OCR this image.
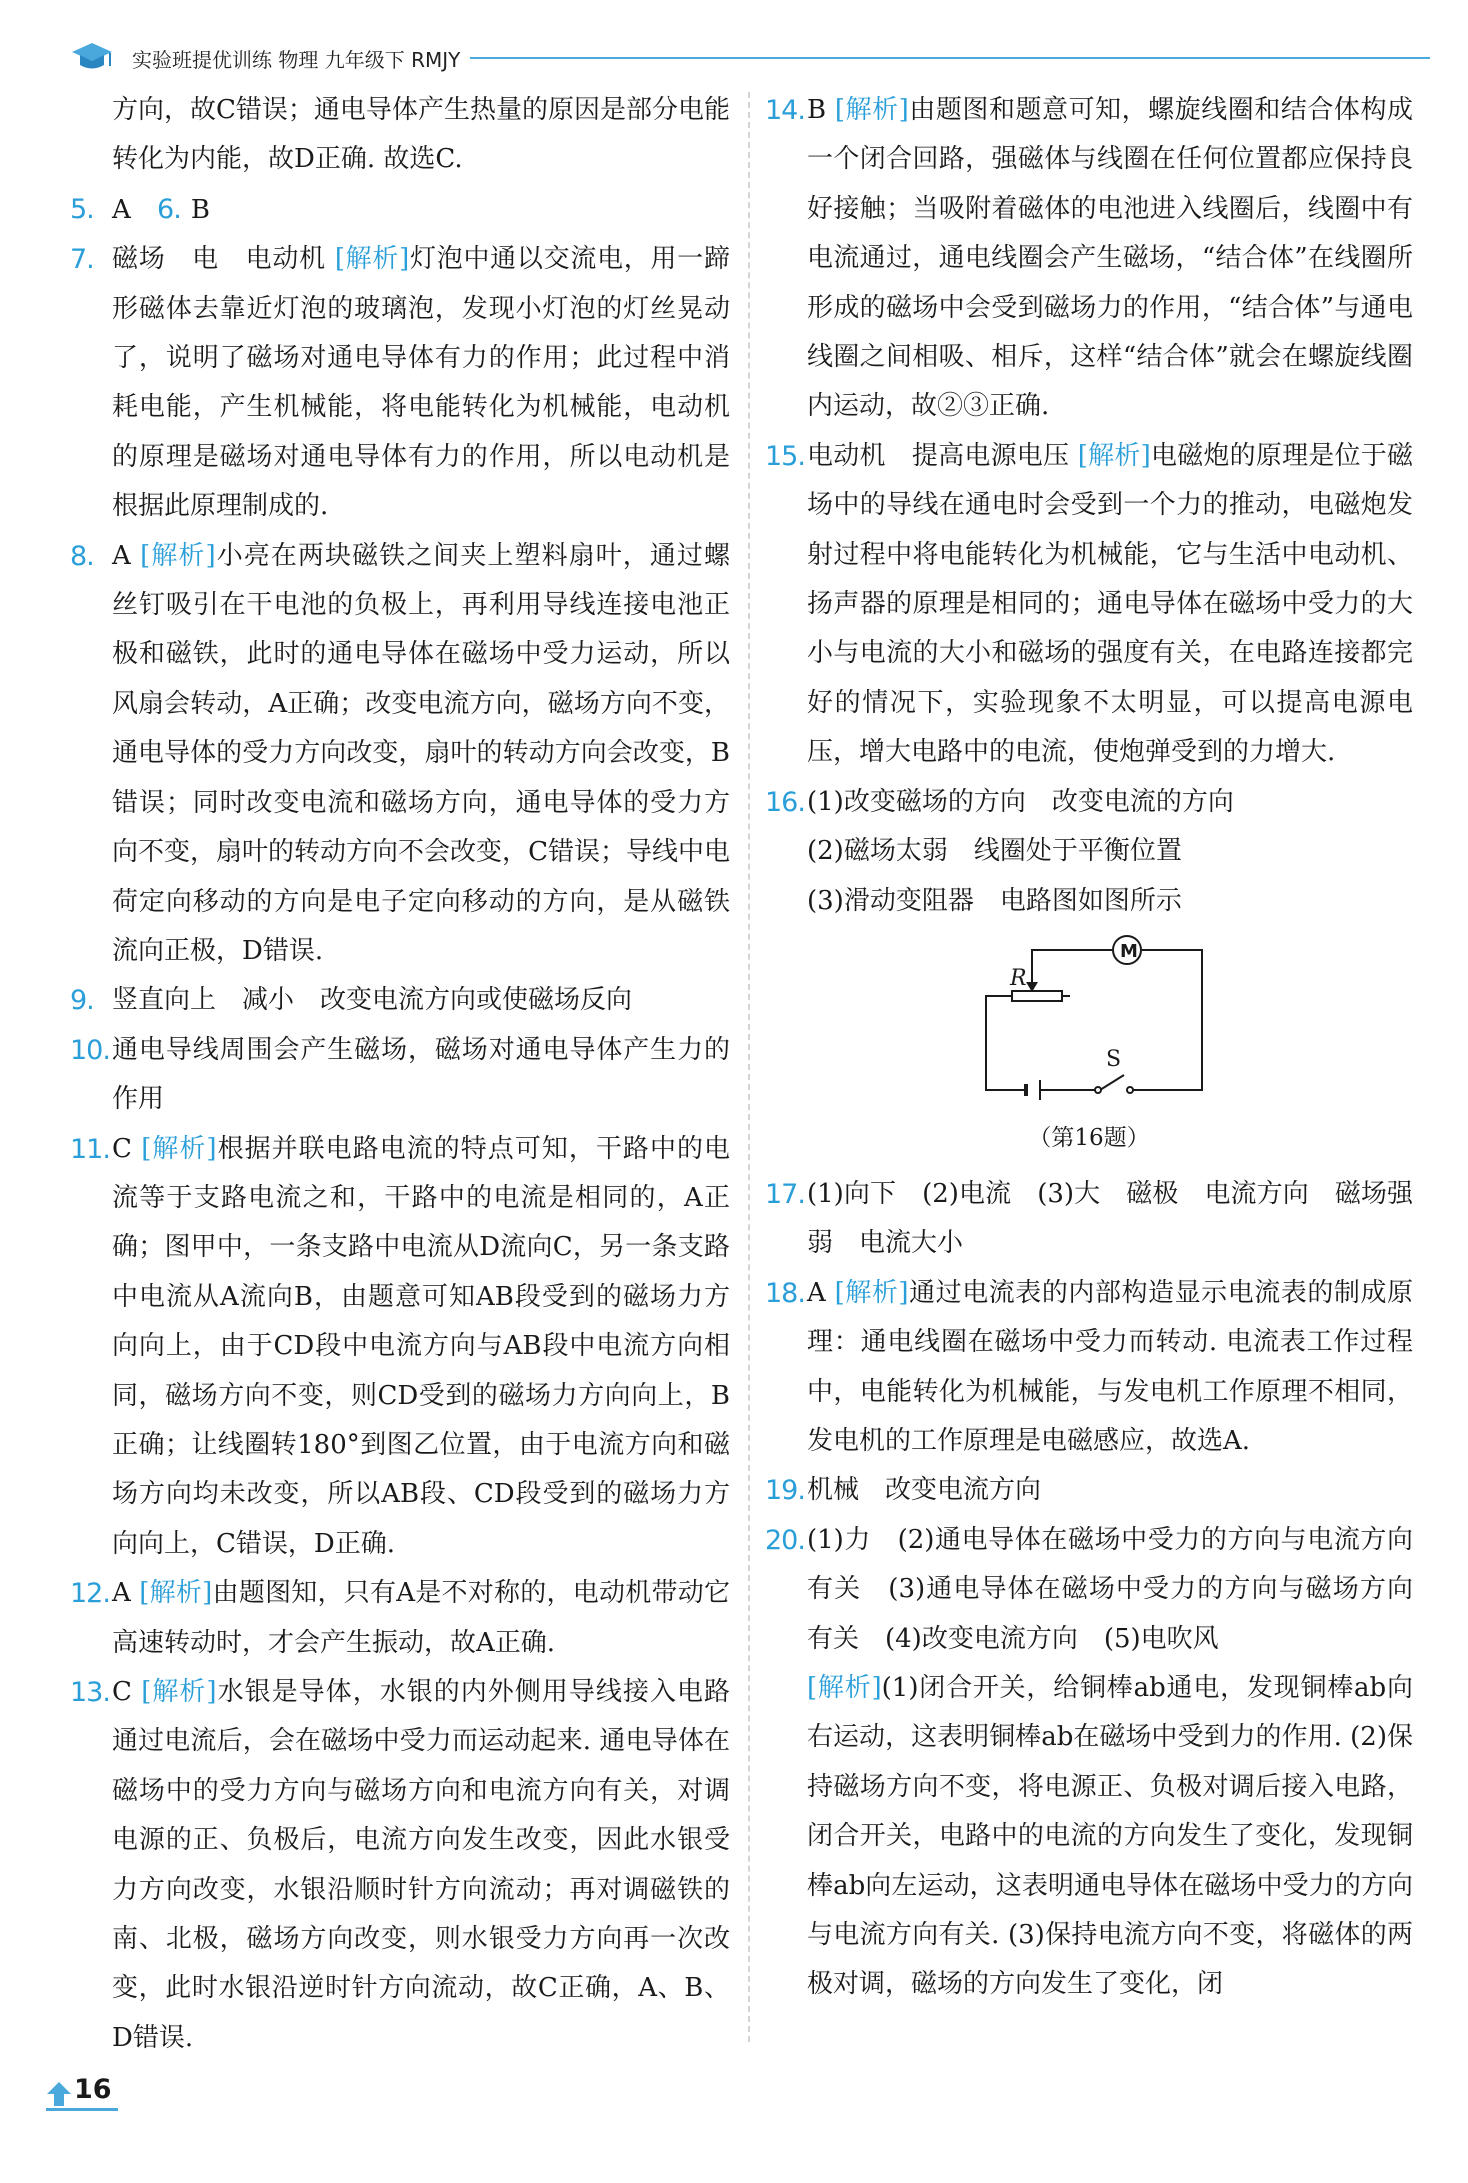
实验班提优训练 物理 九年级下 RMJY
方向，故C错误；通电导体产生热量的原因是部分电能转化为内能，故D正确. 故选C.
5. A 6. B
7. 磁场　电　电动机 [解析]灯泡中通以交流电，用一蹄形磁体去靠近灯泡的玻璃泡，发现小灯泡的灯丝晃动了，说明了磁场对通电导体有力的作用；此过程中消耗电能，产生机械能，将电能转化为机械能，电动机的原理是磁场对通电导体有力的作用，所以电动机是根据此原理制成的.
8. A [解析]小亮在两块磁铁之间夹上塑料扇叶，通过螺丝钉吸引在干电池的负极上，再利用导线连接电池正极和磁铁，此时的通电导体在磁场中受力运动，所以风扇会转动，A正确；改变电流方向，磁场方向不变，通电导体的受力方向改变，扇叶的转动方向会改变，B错误；同时改变电流和磁场方向，通电导体的受力方向不变，扇叶的转动方向不会改变，C错误；导线中电荷定向移动的方向是电子定向移动的方向，是从磁铁流向正极，D错误.
9. 竖直向上　减小　改变电流方向或使磁场反向
10. 通电导线周围会产生磁场，磁场对通电导体产生力的作用
11. C [解析]根据并联电路电流的特点可知，干路中的电流等于支路电流之和，干路中的电流是相同的，A正确；图甲中，一条支路中电流从D流向C，另一条支路中电流从A流向B，由题意可知AB段受到的磁场力方向向上，由于CD段中电流方向与AB段中电流方向相同，磁场方向不变，则CD受到的磁场力方向向上，B正确；让线圈转180°到图乙位置，由于电流方向和磁场方向均未改变，所以AB段、CD段受到的磁场力方向向上，C错误，D正确.
12. A [解析]由题图知，只有A是不对称的，电动机带动它高速转动时，才会产生振动，故A正确.
13. C [解析]水银是导体，水银的内外侧用导线接入电路通过电流后，会在磁场中受力而运动起来. 通电导体在磁场中的受力方向与磁场方向和电流方向有关，对调电源的正、负极后，电流方向发生改变，因此水银受力方向改变，水银沿顺时针方向流动；再对调磁铁的南、北极，磁场方向改变，则水银受力方向再一次改变，此时水银沿逆时针方向流动，故C正确，A、B、D错误.
14. B [解析]由题图和题意可知，螺旋线圈和结合体构成一个闭合回路，强磁体与线圈在任何位置都应保持良好接触；当吸附着磁体的电池进入线圈后，线圈中有电流通过，通电线圈会产生磁场，“结合体”在线圈所形成的磁场中会受到磁场力的作用，“结合体”与通电线圈之间相吸、相斥，这样“结合体”就会在螺旋线圈内运动，故②③正确.
15. 电动机　提高电源电压 [解析]电磁炮的原理是位于磁场中的导线在通电时会受到一个力的推动，电磁炮发射过程中将电能转化为机械能，它与生活中电动机、扬声器的原理是相同的；通电导体在磁场中受力的大小与电流的大小和磁场的强度有关，在电路连接都完好的情况下，实验现象不太明显，可以提高电源电压，增大电路中的电流，使炮弹受到的力增大.
16. (1)改变磁场的方向　改变电流的方向
(2)磁场太弱　线圈处于平衡位置
(3)滑动变阻器　电路图如图所示
M
R
S
（第16题）
17. (1)向下　(2)电流　(3)大　磁极　电流方向　磁场强弱　电流大小
18. A [解析]通过电流表的内部构造显示电流表的制成原理：通电线圈在磁场中受力而转动. 电流表工作过程中，电能转化为机械能，与发电机工作原理不相同，发电机的工作原理是电磁感应，故选A.
19. 机械　改变电流方向
20. (1)力　(2)通电导体在磁场中受力的方向与电流方向有关　(3)通电导体在磁场中受力的方向与磁场方向有关　(4)改变电流方向　(5)电吹风
[解析](1)闭合开关，给铜棒ab通电，发现铜棒ab向右运动，这表明铜棒ab在磁场中受到力的作用. (2)保持磁场方向不变，将电源正、负极对调后接入电路，闭合开关，电路中的电流的方向发生了变化，发现铜棒ab向左运动，这表明通电导体在磁场中受力的方向与电流方向有关. (3)保持电流方向不变，将磁体的两极对调，磁场的方向发生了变化，闭
16
